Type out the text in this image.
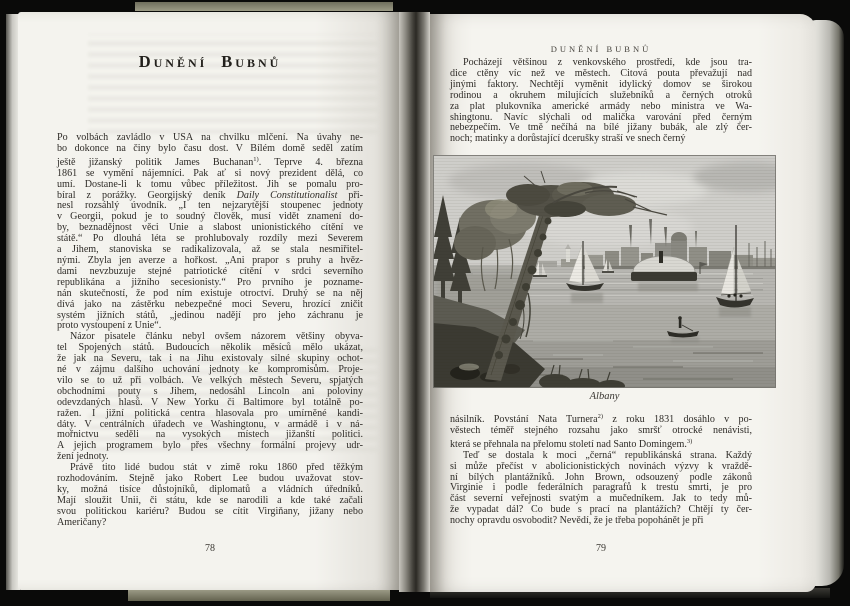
DUNĚNÍ BUBNŮ
Po volbách zavládlo v USA na chvilku mlčení. Na úvahy ne-
bo dokonce na činy bylo času dost. V Bílém domě seděl zatím
ještě jižanský politik James Buchanan$^{1)}$. Teprve 4. března
1861 se vymění nájemníci. Pak ať si nový prezident dělá, co
umí. Dostane-li k tomu vůbec příležitost. Jih se pomalu pro-
bíral z porážky. Georgijský deník Daily Constitutionalist při-
nesl rozsáhlý úvodník. „I ten nejzarytější stoupenec jednoty
v Georgii, pokud je to soudný člověk, musí vidět znamení do-
by, beznadějnost věci Unie a slabost unionistického cítění ve
státě.“ Po dlouhá léta se prohlubovaly rozdíly mezi Severem
a Jihem, stanoviska se radikalizovala, až se stala nesmiřitel-
nými. Zbyla jen averze a hořkost. „Ani prapor s pruhy a hvěz-
dami nevzbuzuje stejné patriotické cítění v srdci severního
republikána a jižního secesionisty.“ Pro prvního je pozname-
nán skutečností, že pod ním existuje otroctví. Druhý se na něj
dívá jako na zástěrku nebezpečné moci Severu, hrozící zničit
systém jižních států, „jedinou nadějí pro jeho záchranu je
proto vystoupení z Unie“.
Názor pisatele článku nebyl ovšem názorem většiny obyva-
tel Spojených států. Budoucích několik měsíců mělo ukázat,
že jak na Severu, tak i na Jihu existovaly silné skupiny ochot-
né v zájmu dalšího uchování jednoty ke kompromisům. Proje-
vilo se to už při volbách. Ve velkých městech Severu, spjatých
obchodními pouty s Jihem, nedosáhl Lincoln ani poloviny
odevzdaných hlasů. V New Yorku či Baltimore byl totálně po-
ražen. I jižní politická centra hlasovala pro umírněné kandi-
dáty. V centrálních úřadech ve Washingtonu, v armádě i v ná-
mořnictvu seděli na vysokých místech jižanští politici.
A jejich programem bylo přes všechny formální projevy udr-
žení jednoty.
Právě tito lidé budou stát v zimě roku 1860 před těžkým
rozhodováním. Stejně jako Robert Lee budou uvažovat stov-
ky, možná tisíce důstojníků, diplomatů a vládních úředníků.
Mají sloužit Unii, či státu, kde se narodili a kde také začali
svou politickou kariéru? Budou se cítit Virgiňany, jižany nebo
Američany?
78
DUNĚNÍ BUBNŮ
Pocházejí většinou z venkovského prostředí, kde jsou tra-
dice ctěny víc než ve městech. Citová pouta převažují nad
jinými faktory. Nechtějí vyměnit idylický domov se širokou
rodinou a okruhem milujících služebníků a černých otroků
za plat plukovníka americké armády nebo ministra ve Wa-
shingtonu. Navíc slýchali od malička varování před černým
nebezpečím. Ve tmě nečíhá na bílé jižany bubák, ale zlý čer-
noch; matinky a dorůstající dcerušky straší ve snech černý
Albany
násilník. Povstání Nata Turnera$^{2)}$ z roku 1831 dosáhlo v po-
věstech téměř stejného rozsahu jako smršť otrocké nenávisti,
která se přehnala na přelomu století nad Santo Domingem.$^{3)}$
Teď se dostala k moci „černá“ republikánská strana. Každý
si může přečíst v abolicionistických novinách výzvy k vraždě-
ní bílých plantážníků. John Brown, odsouzený podle zákonů
Virginie i podle federálních paragrafů k trestu smrti, je pro
část severní veřejnosti svatým a mučedníkem. Jak to tedy mů-
že vypadat dál? Co bude s prací na plantážích? Chtějí ty čer-
nochy opravdu osvobodit? Nevědí, že je třeba popohánět je při
79
